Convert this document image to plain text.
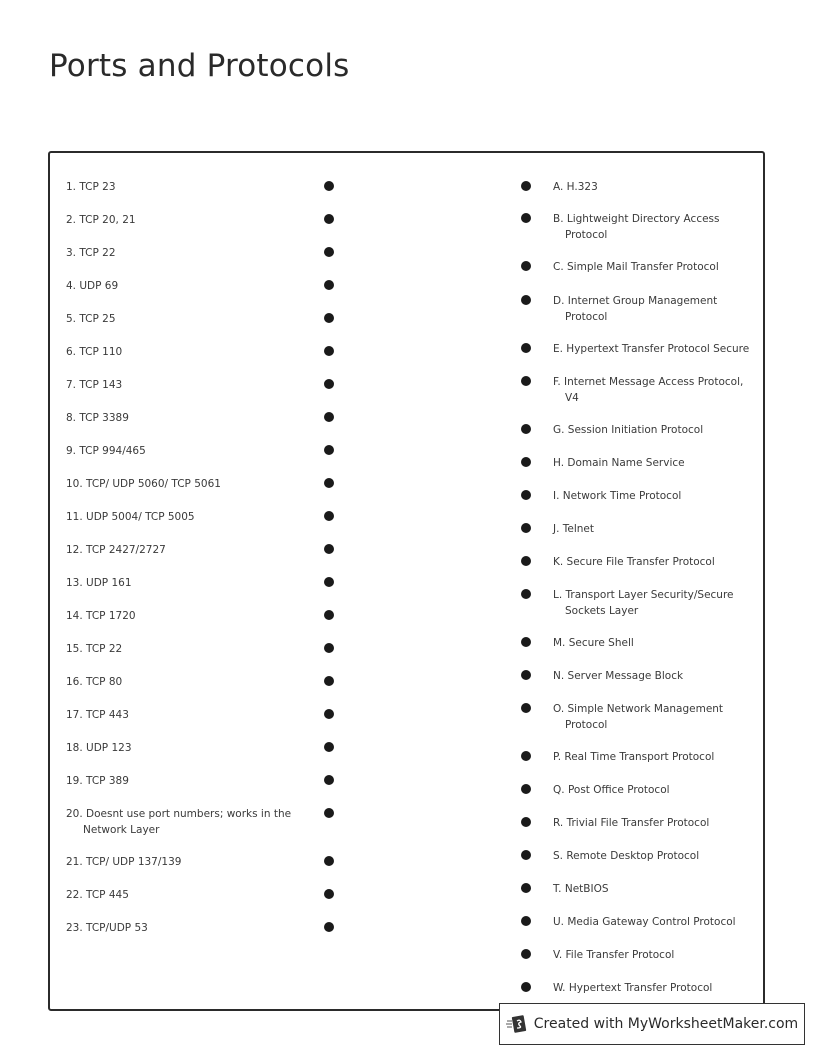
Ports and Protocols
1. TCP 23
2. TCP 20, 21
3. TCP 22
4. UDP 69
5. TCP 25
6. TCP 110
7. TCP 143
8. TCP 3389
9. TCP 994/465
10. TCP/ UDP 5060/ TCP 5061
11. UDP 5004/ TCP 5005
12. TCP 2427/2727
13. UDP 161
14. TCP 1720
15. TCP 22
16. TCP 80
17. TCP 443
18. UDP 123
19. TCP 389
20. Doesnt use port numbers; works in the Network Layer
21. TCP/ UDP 137/139
22. TCP 445
23. TCP/UDP 53
A. H.323
B. Lightweight Directory Access Protocol
C. Simple Mail Transfer Protocol
D. Internet Group Management Protocol
E. Hypertext Transfer Protocol Secure
F. Internet Message Access Protocol, V4
G. Session Initiation Protocol
H. Domain Name Service
I. Network Time Protocol
J. Telnet
K. Secure File Transfer Protocol
L. Transport Layer Security/Secure Sockets Layer
M. Secure Shell
N. Server Message Block
O. Simple Network Management Protocol
P. Real Time Transport Protocol
Q. Post Office Protocol
R. Trivial File Transfer Protocol
S. Remote Desktop Protocol
T. NetBIOS
U. Media Gateway Control Protocol
V. File Transfer Protocol
W. Hypertext Transfer Protocol
Created with MyWorksheetMaker.com
